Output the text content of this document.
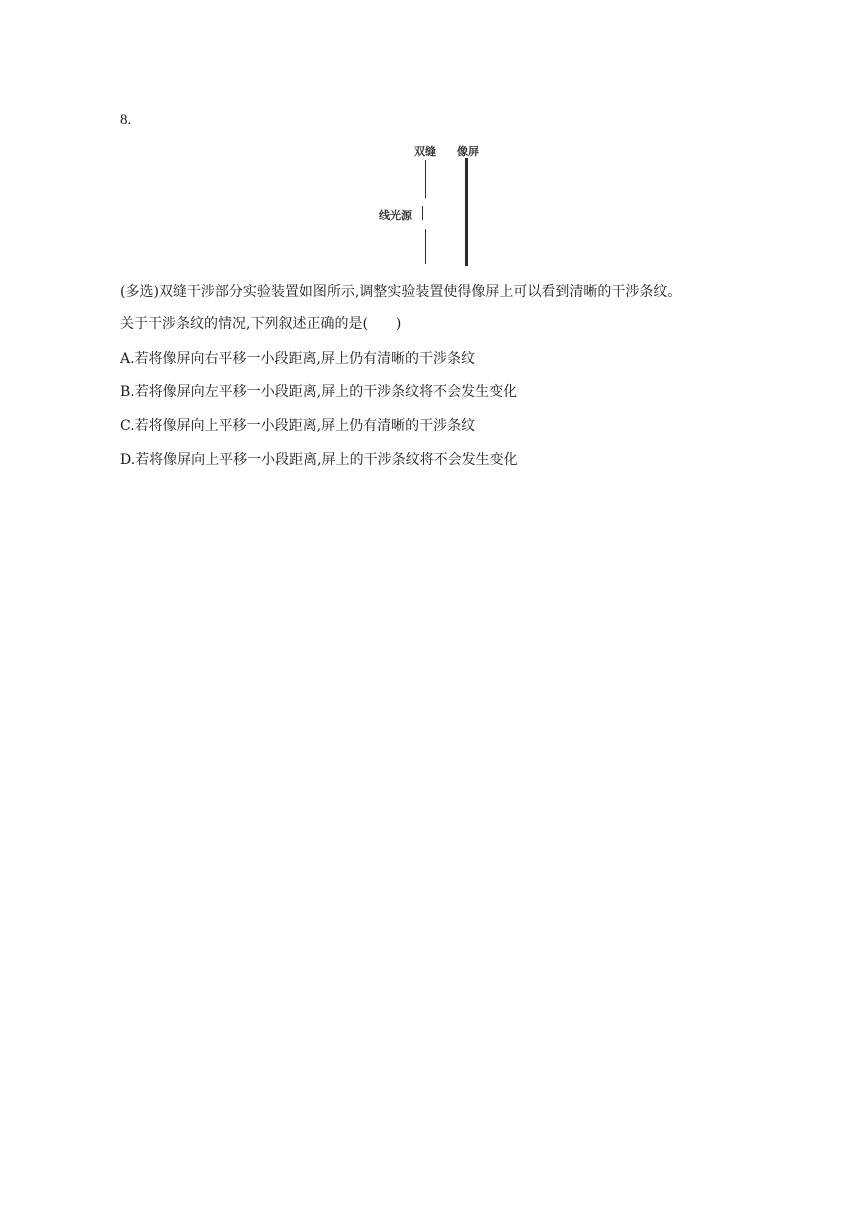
8.
双缝 像屏
线光源
(多选)双缝干涉部分实验装置如图所示,调整实验装置使得像屏上可以看到清晰的干涉条纹。
关于干涉条纹的情况,下列叙述正确的是(　　)
A.若将像屏向右平移一小段距离,屏上仍有清晰的干涉条纹
B.若将像屏向左平移一小段距离,屏上的干涉条纹将不会发生变化
C.若将像屏向上平移一小段距离,屏上仍有清晰的干涉条纹
D.若将像屏向上平移一小段距离,屏上的干涉条纹将不会发生变化
